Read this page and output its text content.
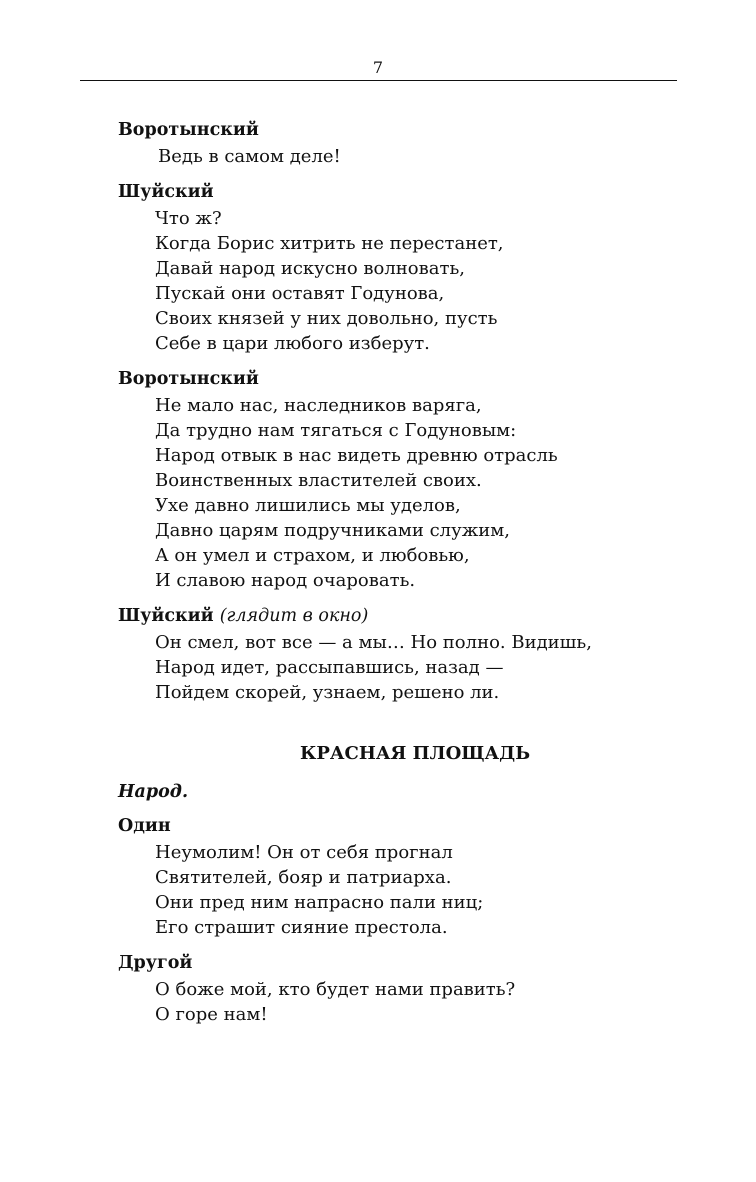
7
Воротынский
Ведь в самом деле!
Шуйский
Что ж?
Когда Борис хитрить не перестанет,
Давай народ искусно волновать,
Пускай они оставят Годунова,
Своих князей у них довольно, пусть
Себе в цари любого изберут.
Воротынский
Не мало нас, наследников варяга,
Да трудно нам тягаться с Годуновым:
Народ отвык в нас видеть древню отрасль
Воинственных властителей своих.
Ухе давно лишились мы уделов,
Давно царям подручниками служим,
А он умел и страхом, и любовью,
И славою народ очаровать.
Шуйский (глядит в окно)
Он смел, вот все — а мы… Но полно. Видишь,
Народ идет, рассыпавшись, назад —
Пойдем скорей, узнаем, решено ли.
КРАСНАЯ ПЛОЩАДЬ
Народ.
Один
Неумолим! Он от себя прогнал
Святителей, бояр и патриарха.
Они пред ним напрасно пали ниц;
Его страшит сияние престола.
Другой
О боже мой, кто будет нами править?
О горе нам!
